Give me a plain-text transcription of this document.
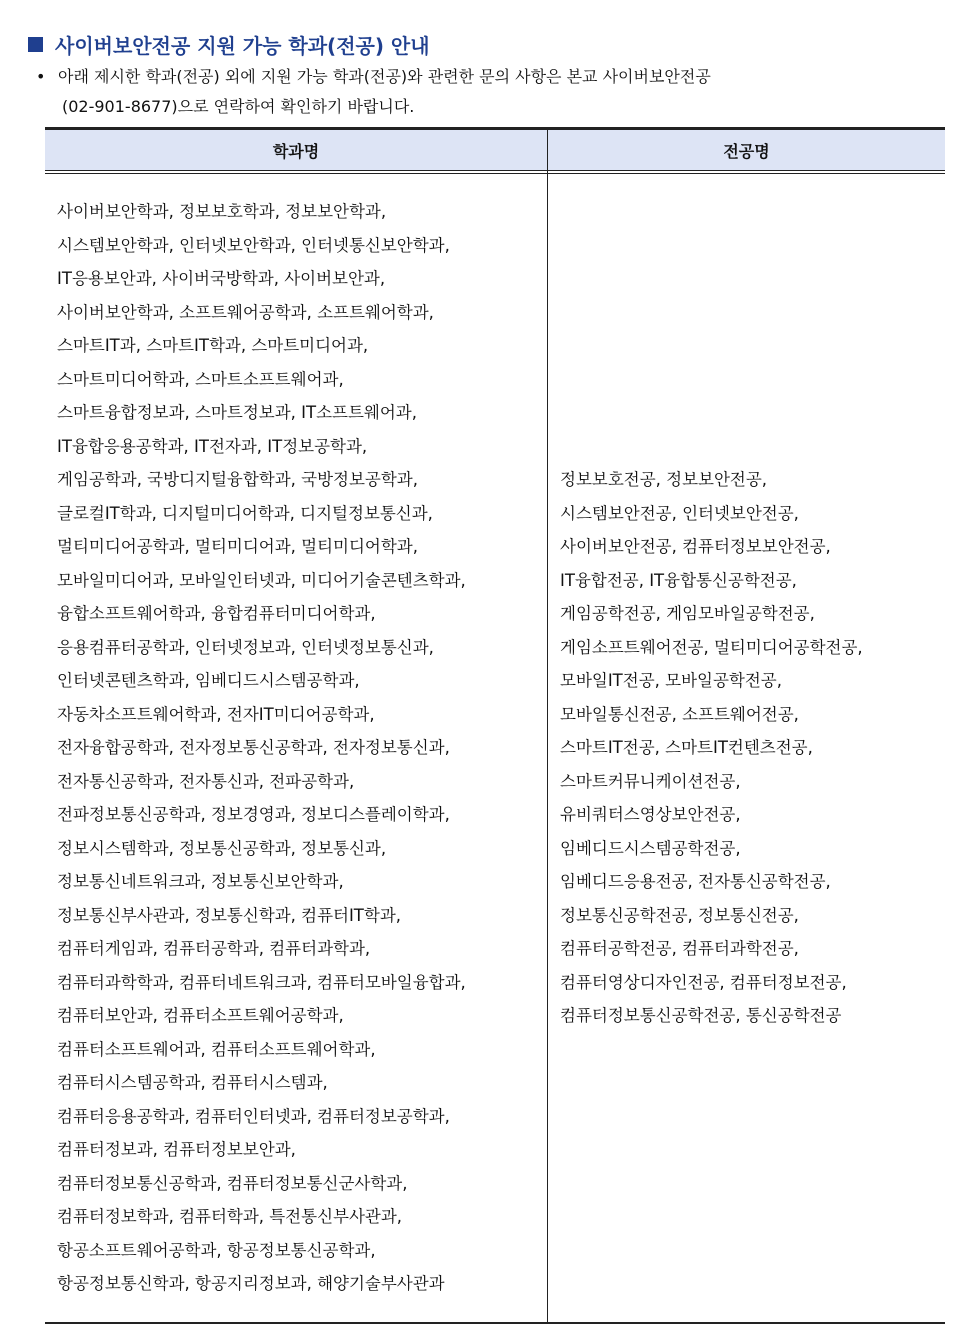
사이버보안전공 지원 가능 학과(전공) 안내
• 아래 제시한 학과(전공) 외에 지원 가능 학과(전공)와 관련한 문의 사항은 본교 사이버보안전공
(02-901-8677)으로 연락하여 확인하기 바랍니다.
학과명	전공명
사이버보안학과, 정보보호학과, 정보보안학과,
시스템보안학과, 인터넷보안학과, 인터넷통신보안학과,
IT응용보안과, 사이버국방학과, 사이버보안과,
사이버보안학과, 소프트웨어공학과, 소프트웨어학과,
스마트IT과, 스마트IT학과, 스마트미디어과,
스마트미디어학과, 스마트소프트웨어과,
스마트융합정보과, 스마트정보과, IT소프트웨어과,
IT융합응용공학과, IT전자과, IT정보공학과,
게임공학과, 국방디지털융합학과, 국방정보공학과,
글로컬IT학과, 디지털미디어학과, 디지털정보통신과,
멀티미디어공학과, 멀티미디어과, 멀티미디어학과,
모바일미디어과, 모바일인터넷과, 미디어기술콘텐츠학과,
융합소프트웨어학과, 융합컴퓨터미디어학과,
응용컴퓨터공학과, 인터넷정보과, 인터넷정보통신과,
인터넷콘텐츠학과, 임베디드시스템공학과,
자동차소프트웨어학과, 전자IT미디어공학과,
전자융합공학과, 전자정보통신공학과, 전자정보통신과,
전자통신공학과, 전자통신과, 전파공학과,
전파정보통신공학과, 정보경영과, 정보디스플레이학과,
정보시스템학과, 정보통신공학과, 정보통신과,
정보통신네트워크과, 정보통신보안학과,
정보통신부사관과, 정보통신학과, 컴퓨터IT학과,
컴퓨터게임과, 컴퓨터공학과, 컴퓨터과학과,
컴퓨터과학학과, 컴퓨터네트워크과, 컴퓨터모바일융합과,
컴퓨터보안과, 컴퓨터소프트웨어공학과,
컴퓨터소프트웨어과, 컴퓨터소프트웨어학과,
컴퓨터시스템공학과, 컴퓨터시스템과,
컴퓨터응용공학과, 컴퓨터인터넷과, 컴퓨터정보공학과,
컴퓨터정보과, 컴퓨터정보보안과,
컴퓨터정보통신공학과, 컴퓨터정보통신군사학과,
컴퓨터정보학과, 컴퓨터학과, 특전통신부사관과,
항공소프트웨어공학과, 항공정보통신공학과,
항공정보통신학과, 항공지리정보과, 해양기술부사관과
정보보호전공, 정보보안전공,
시스템보안전공, 인터넷보안전공,
사이버보안전공, 컴퓨터정보보안전공,
IT융합전공, IT융합통신공학전공,
게임공학전공, 게임모바일공학전공,
게임소프트웨어전공, 멀티미디어공학전공,
모바일IT전공, 모바일공학전공,
모바일통신전공, 소프트웨어전공,
스마트IT전공, 스마트IT컨텐츠전공,
스마트커뮤니케이션전공,
유비쿼터스영상보안전공,
임베디드시스템공학전공,
임베디드응용전공, 전자통신공학전공,
정보통신공학전공, 정보통신전공,
컴퓨터공학전공, 컴퓨터과학전공,
컴퓨터영상디자인전공, 컴퓨터정보전공,
컴퓨터정보통신공학전공, 통신공학전공
